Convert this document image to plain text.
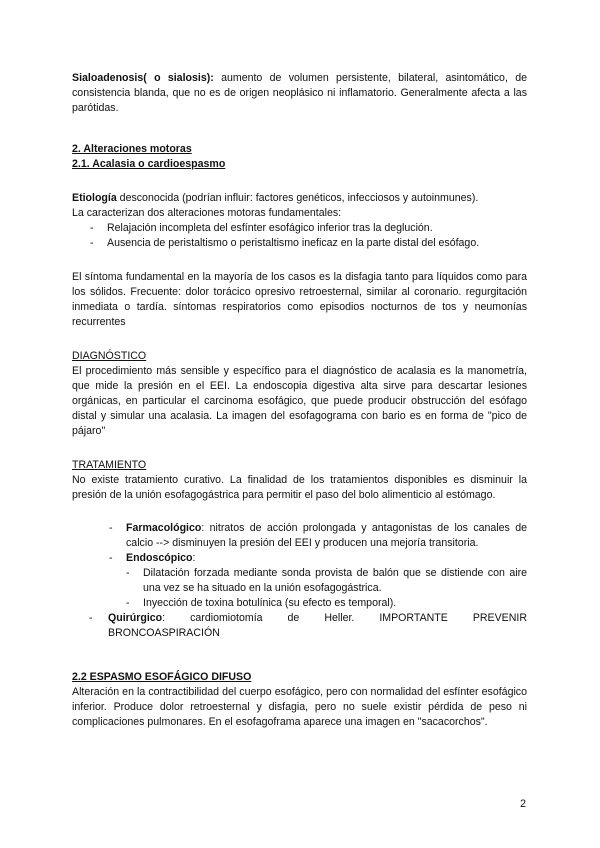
Sialoadenosis( o sialosis): aumento de volumen persistente, bilateral, asintomático, de consistencia blanda, que no es de origen neoplásico ni inflamatorio. Generalmente afecta a las parótidas.

2. Alteraciones motoras

2.1. Acalasia o cardioespasmo

Etiología desconocida (podrían influir: factores genéticos, infecciosos y autoinmunes).

La caracterizan dos alteraciones motoras fundamentales:

- Relajación incompleta del esfínter esofágico inferior tras la deglución.
- Ausencia de peristaltismo o peristaltismo ineficaz en la parte distal del esófago.

El síntoma fundamental en la mayoría de los casos es la disfagia tanto para líquidos como para los sólidos. Frecuente: dolor torácico opresivo retroesternal, similar al coronario. regurgitación inmediata o tardía. síntomas respiratorios como episodios nocturnos de tos y neumonías recurrentes

DIAGNÓSTICO

El procedimiento más sensible y específico para el diagnóstico de acalasia es la manometría, que mide la presión en el EEI. La endoscopia digestiva alta sirve para descartar lesiones orgánicas, en particular el carcinoma esofágico, que puede producir obstrucción del esófago distal y simular una acalasia. La imagen del esofagograma con bario es en forma de "pico de pájaro"

TRATAMIENTO

No existe tratamiento curativo. La finalidad de los tratamientos disponibles es disminuir la presión de la unión esofagogástrica para permitir el paso del bolo alimenticio al estómago.

- Farmacológico: nitratos de acción prolongada y antagonistas de los canales de calcio --> disminuyen la presión del EEI y producen una mejoría transitoria.
- Endoscópico:
- Dilatación forzada mediante sonda provista de balón que se distiende con aire una vez se ha situado en la unión esofagogástrica.
- Inyección de toxina botulínica (su efecto es temporal).
- Quirúrgico: cardiomiotomía de Heller. IMPORTANTE PREVENIR BRONCOASPIRACIÓN

2.2 ESPASMO ESOFÁGICO DIFUSO

Alteración en la contractibilidad del cuerpo esofágico, pero con normalidad del esfínter esofágico inferior. Produce dolor retroesternal y disfagia, pero no suele existir pérdida de peso ni complicaciones pulmonares. En el esofagoframa aparece una imagen en "sacacorchos".

2
